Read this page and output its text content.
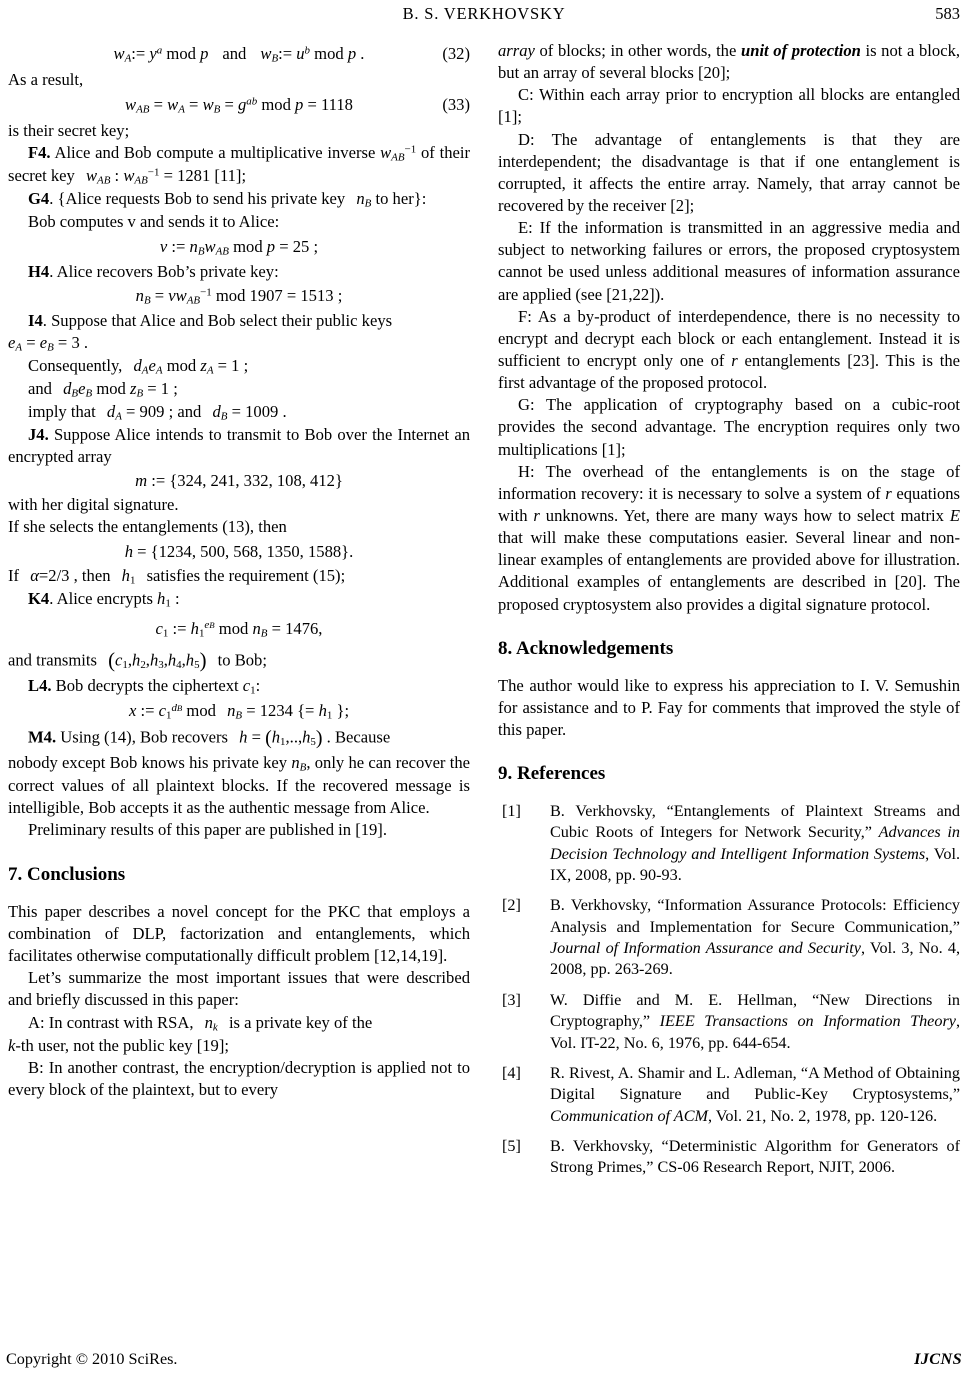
B. S. VERKHOVSKY	583

$w_A:= y^a$ mod p and $w_B:= u^b$ mod p .	(32)

As a result,

$w_{AB} = w_A = w_B = g^{ab}$ mod p = 1118	(33)

is their secret key;

F4. Alice and Bob compute a multiplicative inverse $w_{AB}^{-1}$ of their secret key $w_{AB}$ : $w_{AB}^{-1} = 1281$ [11];

G4. {Alice requests Bob to send his private key $n_B$ to her}:

Bob computes v and sends it to Alice:

v := $n_Bw_{AB}$ mod p = 25 ;

H4. Alice recovers Bob’s private key:

$n_B = vw_{AB}^{-1}$ mod 1907 = 1513 ;

I4. Suppose that Alice and Bob select their public keys

$e_A = e_B = 3$ .

Consequently, $d_Ae_A$ mod $z_A = 1$ ;

and $d_Be_B$ mod $z_B = 1$ ;

imply that $d_A = 909$ ; and $d_B = 1009$ .

J4. Suppose Alice intends to transmit to Bob over the Internet an encrypted array

m := {324, 241, 332, 108, 412}

with her digital signature.

If she selects the entanglements (13), then

h = {1234, 500, 568, 1350, 1588}.

If α=2/3 , then $h_1$ satisfies the requirement (15);

K4. Alice encrypts $h_1$ :

$c_1$ := $h_1^{eB}$ mod $n_B = 1476$,

and transmits $(c_1,h_2,h_3,h_4,h_5)$ to Bob;

L4. Bob decrypts the ciphertext $c_1$:

x := $c_1^{dB}$ mod $n_B = 1234$ {= $h_1$ };

M4. Using (14), Bob recovers $h = (h_1,..,h_5)$ . Because

nobody except Bob knows his private key $n_B$, only he can recover the correct values of all plaintext blocks. If the recovered message is intelligible, Bob accepts it as the authentic message from Alice.

Preliminary results of this paper are published in [19].

7. Conclusions

This paper describes a novel concept for the PKC that employs a combination of DLP, factorization and entanglements, which facilitates otherwise computationally difficult problem [12,14,19].

Let’s summarize the most important issues that were described and briefly discussed in this paper:

A: In contrast with RSA, $n_k$ is a private key of the

k-th user, not the public key [19];

B: In another contrast, the encryption/decryption is applied not to every block of the plaintext, but to every

array of blocks; in other words, the unit of protection is not a block, but an array of several blocks [20];

C: Within each array prior to encryption all blocks are entangled [1];

D: The advantage of entanglements is that they are interdependent; the disadvantage is that if one entanglement is corrupted, it affects the entire array. Namely, that array cannot be recovered by the receiver [2];

E: If the information is transmitted in an aggressive media and subject to networking failures or errors, the proposed cryptosystem cannot be used unless additional measures of information assurance are applied (see [21,22]).

F: As a by-product of interdependence, there is no necessity to encrypt and decrypt each block or each entanglement. Instead it is sufficient to encrypt only one of r entanglements [23]. This is the first advantage of the proposed protocol.

G: The application of cryptography based on a cubic-root provides the second advantage. The encryption requires only two multiplications [1];

H: The overhead of the entanglements is on the stage of information recovery: it is necessary to solve a system of r equations with r unknowns. Yet, there are many ways how to select matrix E that will make these computations easier. Several linear and non-linear examples of entanglements are provided above for illustration. Additional examples of entanglements are described in [20]. The proposed cryptosystem also provides a digital signature protocol.

8. Acknowledgements

The author would like to express his appreciation to I. V. Semushin for assistance and to P. Fay for comments that improved the style of this paper.

9. References
[1] B. Verkhovsky, “Entanglements of Plaintext Streams and Cubic Roots of Integers for Network Security,” Advances in Decision Technology and Intelligent Information Systems, Vol. IX, 2008, pp. 90-93.
[2] B. Verkhovsky, “Information Assurance Protocols: Efficiency Analysis and Implementation for Secure Communication,” Journal of Information Assurance and Security, Vol. 3, No. 4, 2008, pp. 263-269.
[3] W. Diffie and M. E. Hellman, “New Directions in Cryptography,” IEEE Transactions on Information Theory, Vol. IT-22, No. 6, 1976, pp. 644-654.
[4] R. Rivest, A. Shamir and L. Adleman, “A Method of Obtaining Digital Signature and Public-Key Cryptosystems,” Communication of ACM, Vol. 21, No. 2, 1978, pp. 120-126.
[5] B. Verkhovsky, “Deterministic Algorithm for Generators of Strong Primes,” CS-06 Research Report, NJIT, 2006.
Copyright © 2010 SciRes.	IJCNS
